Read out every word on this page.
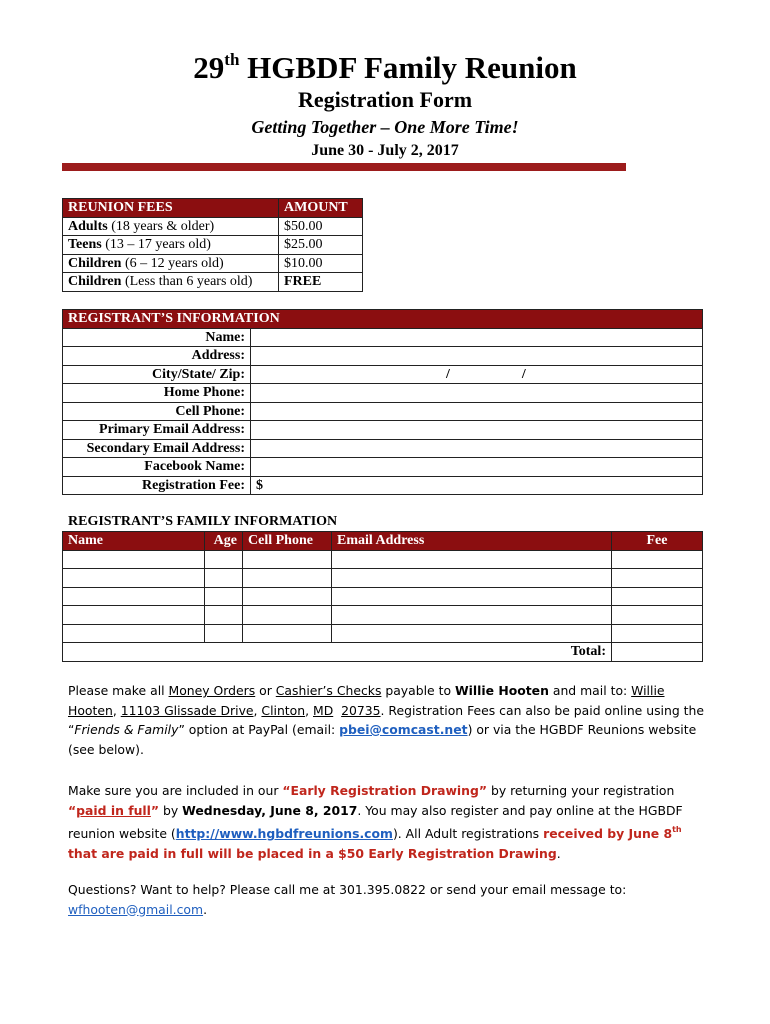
29th HGBDF Family Reunion
Registration Form
Getting Together – One More Time!
June 30 - July 2, 2017
REUNION FEES	AMOUNT
Adults (18 years & older)	$50.00
Teens (13 – 17 years old)	$25.00
Children (6 – 12 years old)	$10.00
Children (Less than 6 years old)	FREE
REGISTRANT’S INFORMATION	
Name:	
Address:	
City/State/ Zip:	/ /
Home Phone:	
Cell Phone:	
Primary Email Address:	
Secondary Email Address:	
Facebook Name:	
Registration Fee:	$
REGISTRANT’S FAMILY INFORMATION
Name	Age	Cell Phone	Email Address	Fee

Total:				
Please make all Money Orders or Cashier’s Checks payable to Willie Hooten and mail to: Willie Hooten, 11103 Glissade Drive, Clinton, MD 20735. Registration Fees can also be paid online using the “Friends & Family” option at PayPal (email: pbei@comcast.net) or via the HGBDF Reunions website (see below).
Make sure you are included in our “Early Registration Drawing” by returning your registration “paid in full” by Wednesday, June 8, 2017. You may also register and pay online at the HGBDF reunion website (http://www.hgbdfreunions.com). All Adult registrations received by June 8th that are paid in full will be placed in a $50 Early Registration Drawing.
Questions? Want to help? Please call me at 301.395.0822 or send your email message to: wfhooten@gmail.com.
